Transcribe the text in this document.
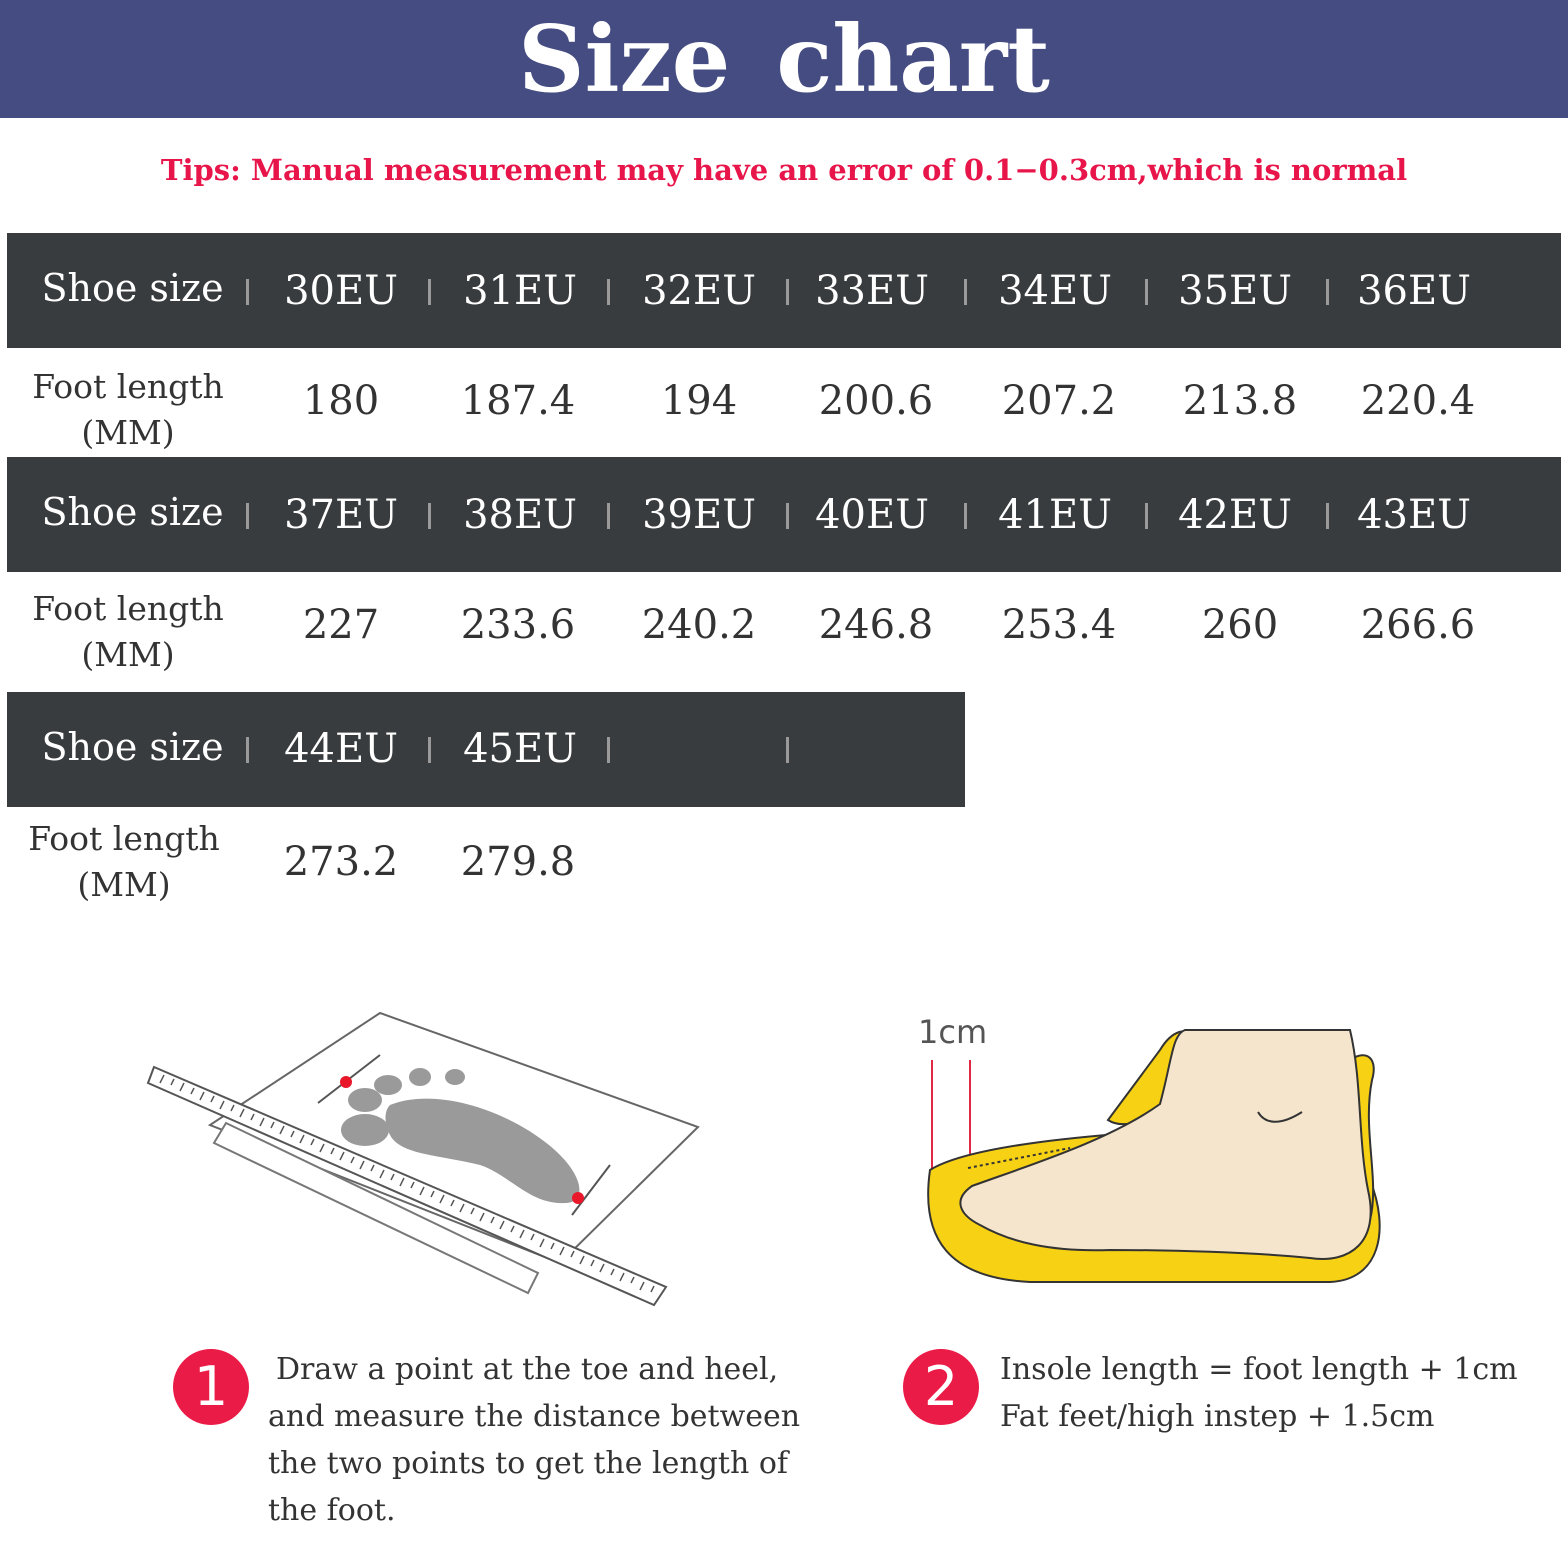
Size chart
Tips: Manual measurement may have an error of 0.1−0.3cm,which is normal
Shoe size	30EU	31EU	32EU	33EU	34EU	35EU	36EU
Foot length
(MM)
180	187.4	194	200.6	207.2	213.8	220.4
Shoe size	37EU	38EU	39EU	40EU	41EU	42EU	43EU
Foot length
(MM)
227	233.6	240.2	246.8	253.4	260	266.6
Shoe size	44EU	45EU
Foot length
(MM)	273.2	279.8
1cm
1	Draw a point at the toe and heel,
and measure the distance between
the two points to get the length of
the foot.
2	Insole length = foot length + 1cm
Fat feet/high instep + 1.5cm
